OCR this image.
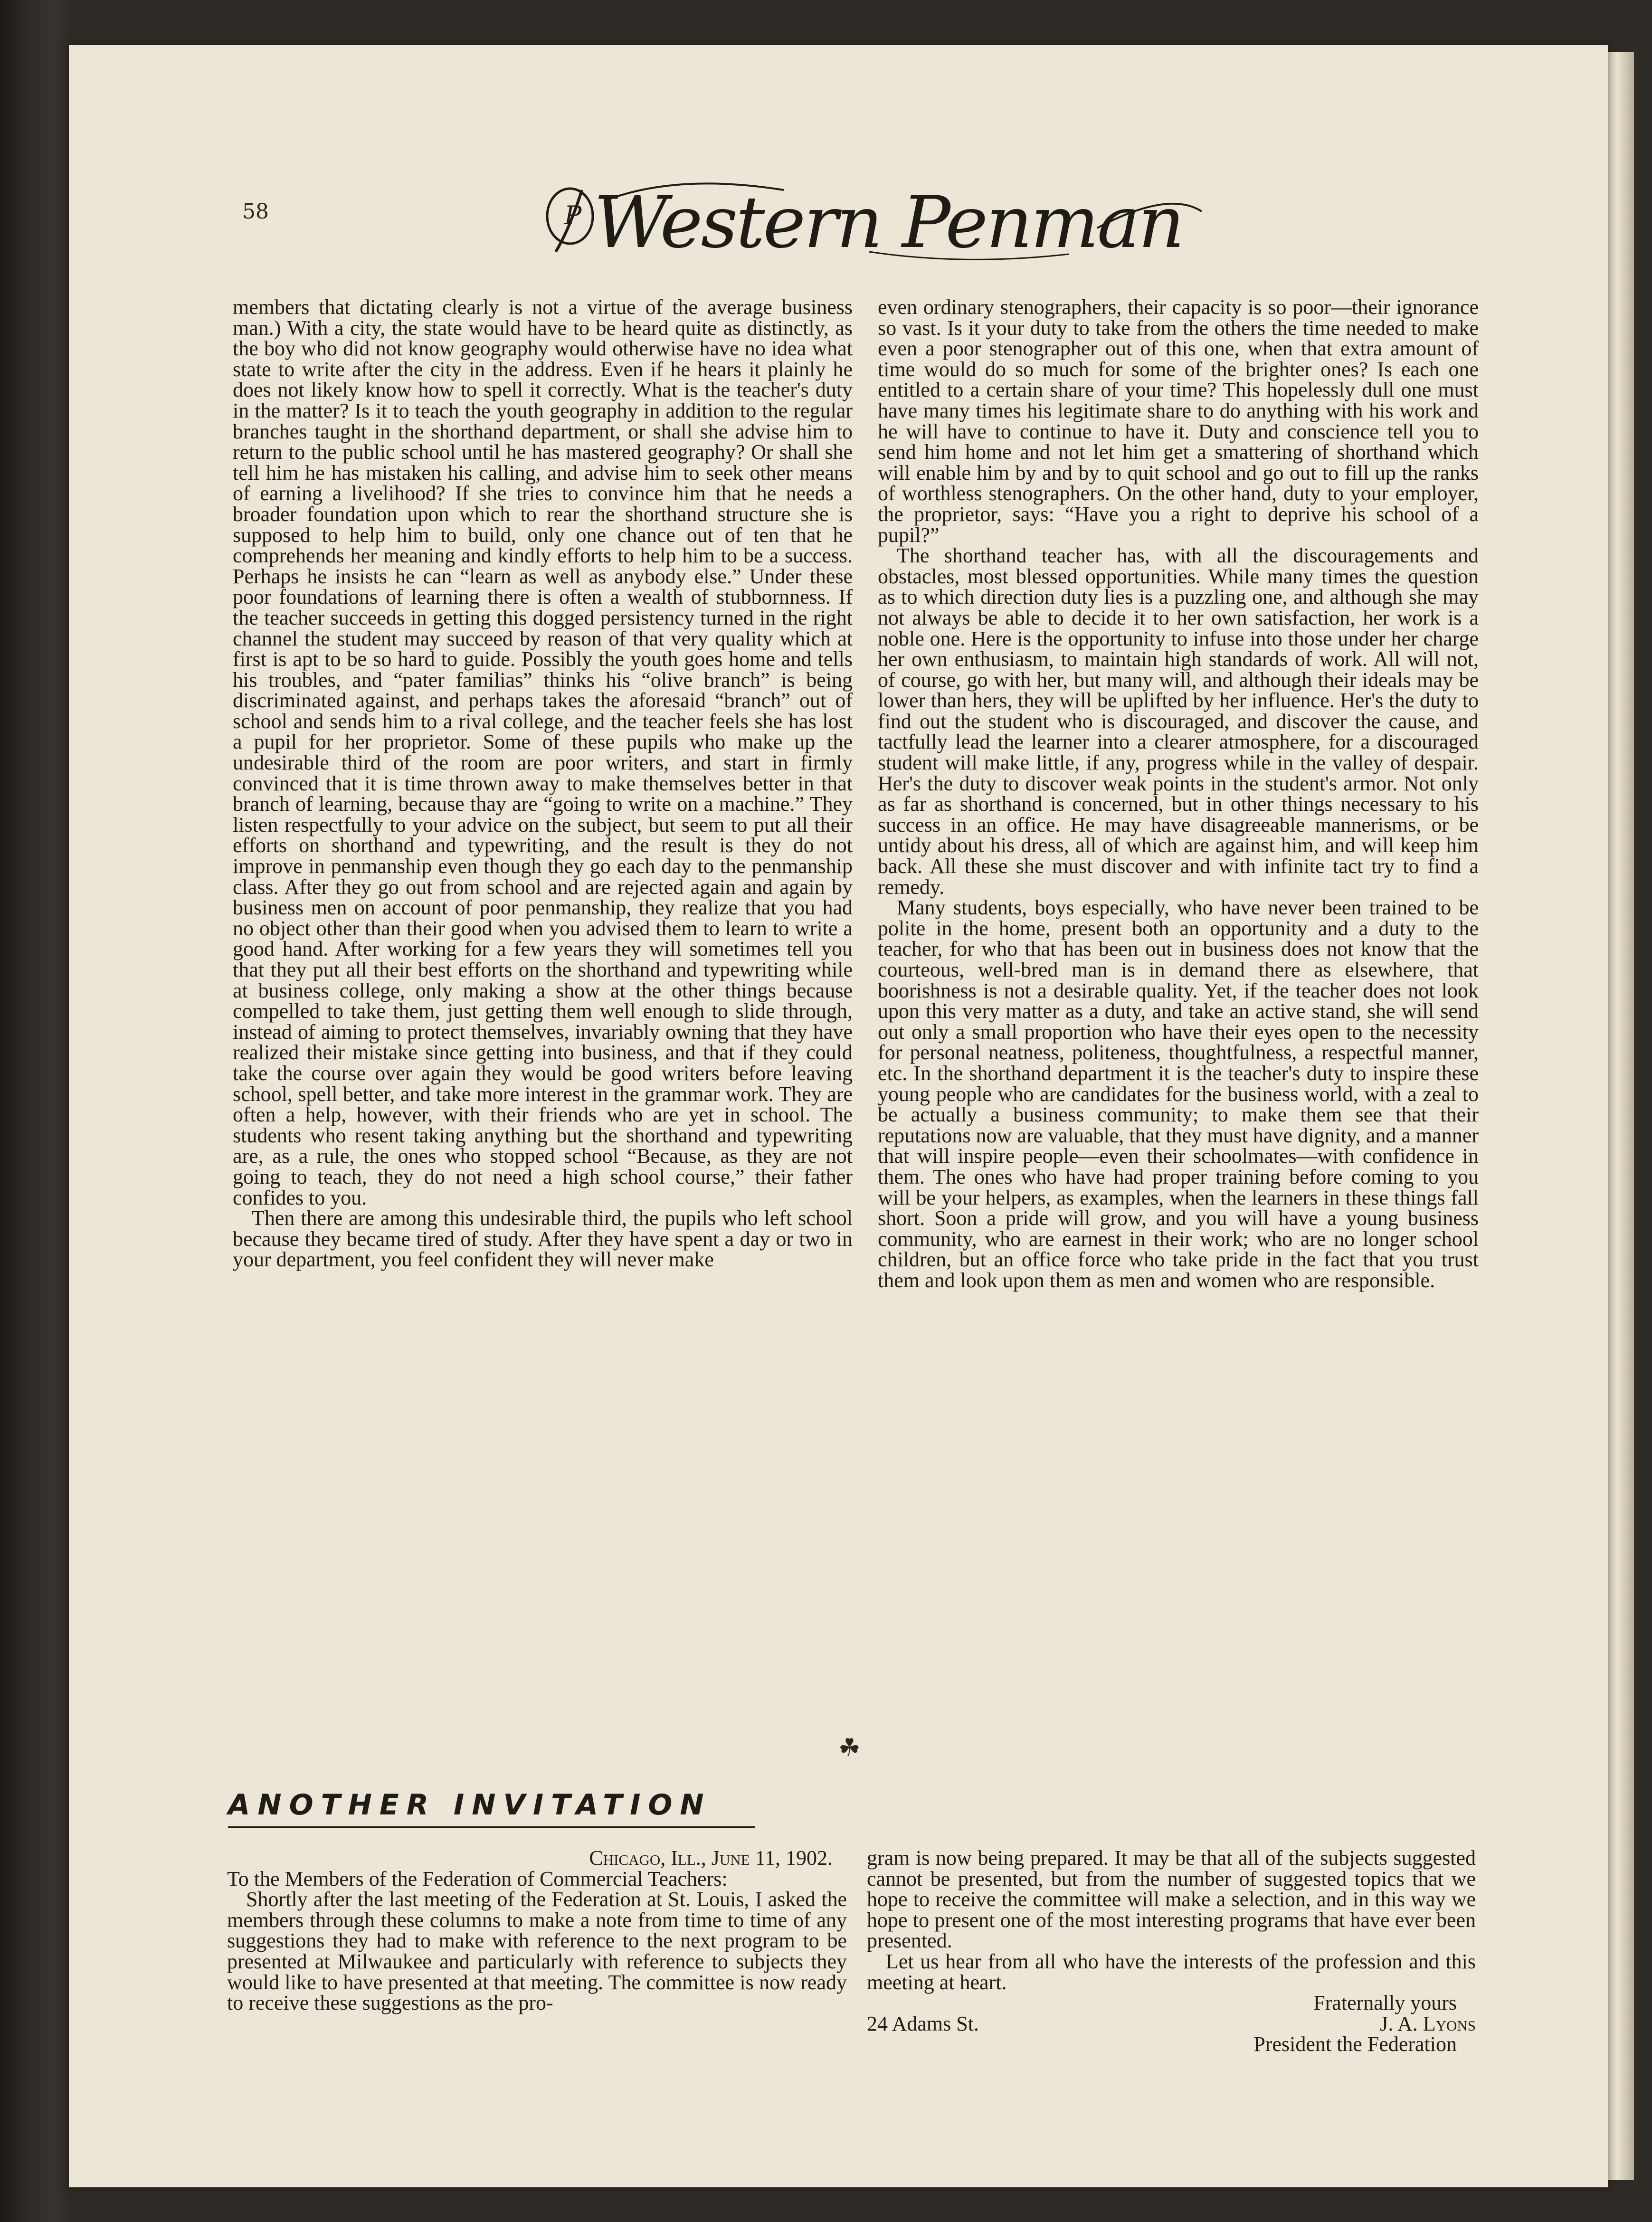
58	P Western Penman

members that dictating clearly is not a virtue of the average business man.) With a city, the state would have to be heard quite as distinctly, as the boy who did not know geography would otherwise have no idea what state to write after the city in the address. Even if he hears it plainly he does not likely know how to spell it correctly. What is the teacher's duty in the matter? Is it to teach the youth geography in addition to the regular branches taught in the shorthand department, or shall she advise him to return to the public school until he has mastered geography? Or shall she tell him he has mistaken his calling, and advise him to seek other means of earning a livelihood? If she tries to convince him that he needs a broader foundation upon which to rear the shorthand structure she is supposed to help him to build, only one chance out of ten that he comprehends her meaning and kindly efforts to help him to be a success. Perhaps he insists he can “learn as well as anybody else.” Under these poor foundations of learning there is often a wealth of stubbornness. If the teacher succeeds in getting this dogged persistency turned in the right channel the student may succeed by reason of that very quality which at first is apt to be so hard to guide. Possibly the youth goes home and tells his troubles, and “pater familias” thinks his “olive branch” is being discriminated against, and perhaps takes the aforesaid “branch” out of school and sends him to a rival college, and the teacher feels she has lost a pupil for her proprietor. Some of these pupils who make up the undesirable third of the room are poor writers, and start in firmly convinced that it is time thrown away to make themselves better in that branch of learning, because thay are “going to write on a machine.” They listen respectfully to your advice on the subject, but seem to put all their efforts on shorthand and typewriting, and the result is they do not improve in penmanship even though they go each day to the penmanship class. After they go out from school and are rejected again and again by business men on account of poor penmanship, they realize that you had no object other than their good when you advised them to learn to write a good hand. After working for a few years they will sometimes tell you that they put all their best efforts on the shorthand and typewriting while at business college, only making a show at the other things because compelled to take them, just getting them well enough to slide through, instead of aiming to protect themselves, invariably owning that they have realized their mistake since getting into business, and that if they could take the course over again they would be good writers before leaving school, spell better, and take more interest in the grammar work. They are often a help, however, with their friends who are yet in school. The students who resent taking anything but the shorthand and typewriting are, as a rule, the ones who stopped school “Because, as they are not going to teach, they do not need a high school course,” their father confides to you.

Then there are among this undesirable third, the pupils who left school because they became tired of study. After they have spent a day or two in your department, you feel confident they will never make

even ordinary stenographers, their capacity is so poor—their ignorance so vast. Is it your duty to take from the others the time needed to make even a poor stenographer out of this one, when that extra amount of time would do so much for some of the brighter ones? Is each one entitled to a certain share of your time? This hopelessly dull one must have many times his legitimate share to do anything with his work and he will have to continue to have it. Duty and conscience tell you to send him home and not let him get a smattering of shorthand which will enable him by and by to quit school and go out to fill up the ranks of worthless stenographers. On the other hand, duty to your employer, the proprietor, says: “Have you a right to deprive his school of a pupil?”

The shorthand teacher has, with all the discouragements and obstacles, most blessed opportunities. While many times the question as to which direction duty lies is a puzzling one, and although she may not always be able to decide it to her own satisfaction, her work is a noble one. Here is the opportunity to infuse into those under her charge her own enthusiasm, to maintain high standards of work. All will not, of course, go with her, but many will, and although their ideals may be lower than hers, they will be uplifted by her influence. Her's the duty to find out the student who is discouraged, and discover the cause, and tactfully lead the learner into a clearer atmosphere, for a discouraged student will make little, if any, progress while in the valley of despair. Her's the duty to discover weak points in the student's armor. Not only as far as shorthand is concerned, but in other things necessary to his success in an office. He may have disagreeable mannerisms, or be untidy about his dress, all of which are against him, and will keep him back. All these she must discover and with infinite tact try to find a remedy.

Many students, boys especially, who have never been trained to be polite in the home, present both an opportunity and a duty to the teacher, for who that has been out in business does not know that the courteous, well-bred man is in demand there as elsewhere, that boorishness is not a desirable quality. Yet, if the teacher does not look upon this very matter as a duty, and take an active stand, she will send out only a small proportion who have their eyes open to the necessity for personal neatness, politeness, thoughtfulness, a respectful manner, etc. In the shorthand department it is the teacher's duty to inspire these young people who are candidates for the business world, with a zeal to be actually a business community; to make them see that their reputations now are valuable, that they must have dignity, and a manner that will inspire people—even their schoolmates—with confidence in them. The ones who have had proper training before coming to you will be your helpers, as examples, when the learners in these things fall short. Soon a pride will grow, and you will have a young business community, who are earnest in their work; who are no longer school children, but an office force who take pride in the fact that you trust them and look upon them as men and women who are responsible.

☘
ANOTHER INVITATION

Chicago, Ill., June 11, 1902.

To the Members of the Federation of Commercial Teachers:

Shortly after the last meeting of the Federation at St. Louis, I asked the members through these columns to make a note from time to time of any suggestions they had to make with reference to the next program to be presented at Milwaukee and particularly with reference to subjects they would like to have presented at that meeting. The committee is now ready to receive these suggestions as the pro-

gram is now being prepared. It may be that all of the subjects suggested cannot be presented, but from the number of suggested topics that we hope to receive the committee will make a selection, and in this way we hope to present one of the most interesting programs that have ever been presented.

Let us hear from all who have the interests of the profession and this meeting at heart.

Fraternally yours

24 Adams St.	J. A. Lyons

President the Federation
